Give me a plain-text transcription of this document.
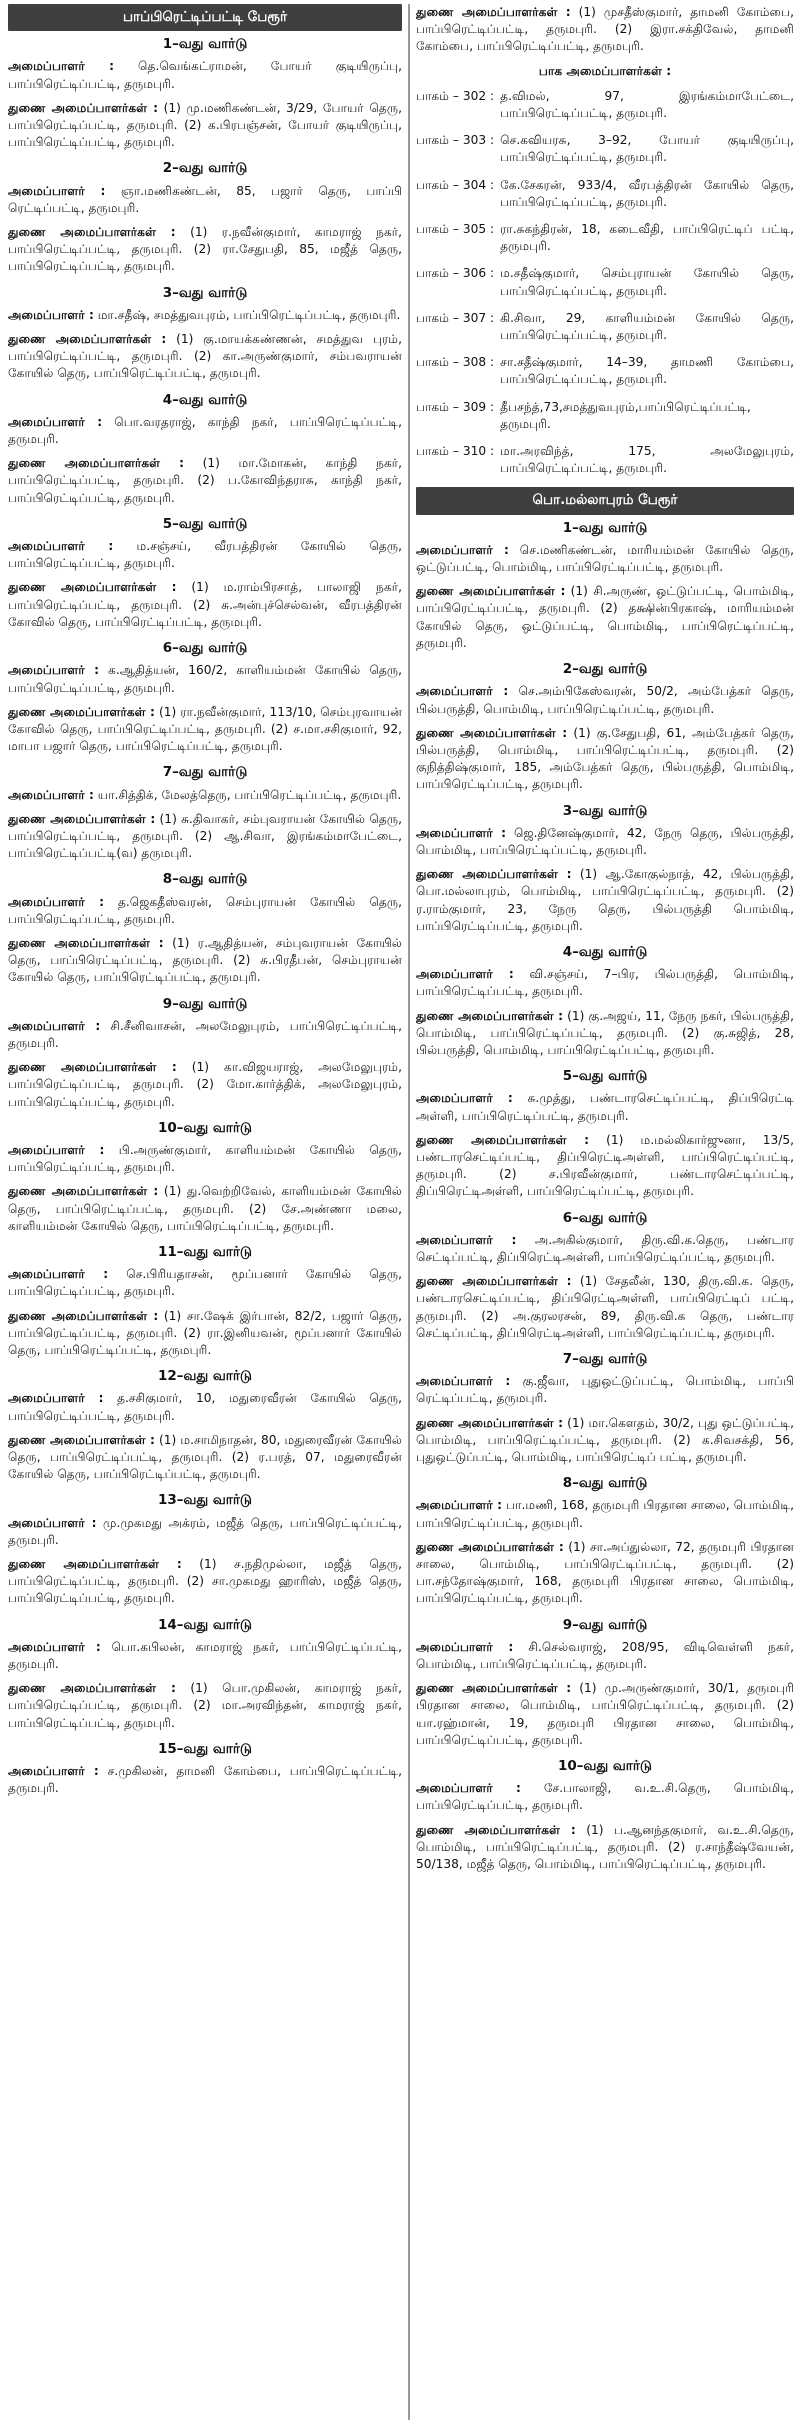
பாப்பிரெட்டிப்பட்டி பேரூர்
1–வது வார்டு

அமைப்பாளர் : தெ.வெங்கட்ராமன், போயர் குடியிருப்பு, பாப்பிரெட்டிப்பட்டி, தருமபுரி.

துணை அமைப்பாளர்கள் : (1) மு.மணிகண்டன், 3/29, போயர் தெரு, பாப்பிரெட்டிப்பட்டி, தருமபுரி. (2) க.பிரபஞ்சன், போயர் குடியிருப்பு, பாப்பிரெட்டிப்பட்டி, தருமபுரி.

2–வது வார்டு

அமைப்பாளர் : ஞா.மணிகண்டன், 85, பஜார் தெரு, பாப்பி ரெட்டிப்பட்டி, தருமபுரி.

துணை அமைப்பாளர்கள் : (1) ர.நவீன்குமார், காமராஜ் நகர், பாப்பிரெட்டிப்பட்டி, தருமபுரி. (2) ரா.சேதுபதி, 85, மஜீத் தெரு, பாப்பிரெட்டிப்பட்டி, தருமபுரி.

3–வது வார்டு

அமைப்பாளர் : மா.சதீஷ், சமத்துவபுரம், பாப்பிரெட்டிப்பட்டி, தருமபுரி.

துணை அமைப்பாளர்கள் : (1) கு.மாயக்கண்ணன், சமத்துவ புரம், பாப்பிரெட்டிப்பட்டி, தருமபுரி. (2) கா.அருண்குமார், சம்பவராயன் கோயில் தெரு, பாப்பிரெட்டிப்பட்டி, தருமபுரி.

4–வது வார்டு

அமைப்பாளர் : பொ.வரதராஜ், காந்தி நகர், பாப்பிரெட்டிப்பட்டி, தருமபுரி.

துணை அமைப்பாளர்கள் : (1) மா.மோகன், காந்தி நகர், பாப்பிரெட்டிப்பட்டி, தருமபுரி. (2) ப.கோவிந்தராசு, காந்தி நகர், பாப்பிரெட்டிப்பட்டி, தருமபுரி.

5–வது வார்டு

அமைப்பாளர் : ம.சஞ்சய், வீரபத்திரன் கோயில் தெரு, பாப்பிரெட்டிப்பட்டி, தருமபுரி.

துணை அமைப்பாளர்கள் : (1) ம.ராம்பிரசாத், பாலாஜி நகர், பாப்பிரெட்டிப்பட்டி, தருமபுரி. (2) சு.அன்புச்செல்வன், வீரபத்திரன் கோவில் தெரு, பாப்பிரெட்டிப்பட்டி, தருமபுரி.

6–வது வார்டு

அமைப்பாளர் : க.ஆதித்யன், 160/2, காளியம்மன் கோயில் தெரு, பாப்பிரெட்டிப்பட்டி, தருமபுரி.

துணை அமைப்பாளர்கள் : (1) ரா.நவீன்குமார், 113/10, செம்புரவாயன் கோவில் தெரு, பாப்பிரெட்டிப்பட்டி, தருமபுரி. (2) ச.மா.சசிகுமார், 92, மாபா பஜார் தெரு, பாப்பிரெட்டிப்பட்டி, தருமபுரி.

7–வது வார்டு

அமைப்பாளர் : யா.சித்திக், மேலத்தெரு, பாப்பிரெட்டிப்பட்டி, தருமபுரி.

துணை அமைப்பாளர்கள் : (1) சு.திவாகர், சம்புவராயன் கோயில் தெரு, பாப்பிரெட்டிப்பட்டி, தருமபுரி. (2) ஆ.சிவா, இரங்கம்மாபேட்டை, பாப்பிரெட்டிப்பட்டி(வ) தருமபுரி.

8–வது வார்டு

அமைப்பாளர் : த.ஜெகதீஸ்வரன், செம்புராயன் கோயில் தெரு, பாப்பிரெட்டிப்பட்டி, தருமபுரி.

துணை அமைப்பாளர்கள் : (1) ர.ஆதித்யன், சம்புவராயன் கோயில் தெரு, பாப்பிரெட்டிப்பட்டி, தருமபுரி. (2) சு.பிரதீபன், செம்புராயன் கோயில் தெரு, பாப்பிரெட்டிப்பட்டி, தருமபுரி.

9–வது வார்டு

அமைப்பாளர் : சி.சீனிவாசன், அலமேலுபுரம், பாப்பிரெட்டிப்பட்டி, தருமபுரி.

துணை அமைப்பாளர்கள் : (1) கா.விஜயராஜ், அலமேலுபுரம், பாப்பிரெட்டிப்பட்டி, தருமபுரி. (2) மோ.கார்த்திக், அலமேலுபுரம், பாப்பிரெட்டிப்பட்டி, தருமபுரி.

10–வது வார்டு

அமைப்பாளர் : பி.அருண்குமார், காளியம்மன் கோயில் தெரு, பாப்பிரெட்டிப்பட்டி, தருமபுரி.

துணை அமைப்பாளர்கள் : (1) து.வெற்றிவேல், காளியம்மன் கோயில் தெரு, பாப்பிரெட்டிப்பட்டி, தருமபுரி. (2) சே.அண்ணா மலை, காளியம்மன் கோயில் தெரு, பாப்பிரெட்டிப்பட்டி, தருமபுரி.

11–வது வார்டு

அமைப்பாளர் : செ.பிரியதாசன், மூப்பனார் கோயில் தெரு, பாப்பிரெட்டிப்பட்டி, தருமபுரி.

துணை அமைப்பாளர்கள் : (1) சா.ஷேக் இர்பான், 82/2, பஜார் தெரு, பாப்பிரெட்டிப்பட்டி, தருமபுரி. (2) ரா.இனியவன், மூப்பனார் கோயில் தெரு, பாப்பிரெட்டிப்பட்டி, தருமபுரி.

12–வது வார்டு

அமைப்பாளர் : த.சசிகுமார், 10, மதுரைவீரன் கோயில் தெரு, பாப்பிரெட்டிப்பட்டி, தருமபுரி.

துணை அமைப்பாளர்கள் : (1) ம.சாமிநாதன், 80, மதுரைவீரன் கோயில் தெரு, பாப்பிரெட்டிப்பட்டி, தருமபுரி. (2) ர.பரத், 07, மதுரைவீரன் கோயில் தெரு, பாப்பிரெட்டிப்பட்டி, தருமபுரி.

13–வது வார்டு

அமைப்பாளர் : மு.முகமது அக்ரம், மஜீத் தெரு, பாப்பிரெட்டிப்பட்டி, தருமபுரி.

துணை அமைப்பாளர்கள் : (1) ச.நதிமுல்லா, மஜீத் தெரு, பாப்பிரெட்டிப்பட்டி, தருமபுரி. (2) சா.முகமது ஹாரிஸ், மஜீத் தெரு, பாப்பிரெட்டிப்பட்டி, தருமபுரி.

14–வது வார்டு

அமைப்பாளர் : பொ.கபிலன், காமராஜ் நகர், பாப்பிரெட்டிப்பட்டி, தருமபுரி.

துணை அமைப்பாளர்கள் : (1) பொ.முகிலன், காமராஜ் நகர், பாப்பிரெட்டிப்பட்டி, தருமபுரி. (2) மா.அரவிந்தன், காமராஜ் நகர், பாப்பிரெட்டிப்பட்டி, தருமபுரி.

15–வது வார்டு

அமைப்பாளர் : ச.முகிலன், தாமனி கோம்பை, பாப்பிரெட்டிப்பட்டி, தருமபுரி.

துணை அமைப்பாளர்கள் : (1) முசதீஸ்குமார், தாமனி கோம்பை, பாப்பிரெட்டிப்பட்டி, தருமபுரி. (2) இரா.சக்திவேல், தாமனி கோம்பை, பாப்பிரெட்டிப்பட்டி, தருமபுரி.

பாக அமைப்பாளர்கள் :
பாகம் – 302 : த.விமல், 97, இரங்கம்மாபேட்டை, பாப்பிரெட்டிப்பட்டி, தருமபுரி.
பாகம் – 303 : செ.கவியரசு, 3–92, போயர் குடியிருப்பு, பாப்பிரெட்டிப்பட்டி, தருமபுரி.
பாகம் – 304 : கே.சேகரன், 933/4, வீரபத்திரன் கோயில் தெரு, பாப்பிரெட்டிப்பட்டி, தருமபுரி.
பாகம் – 305 : ரா.சுகந்திரன், 18, கடைவீதி, பாப்பிரெட்டிப் பட்டி, தருமபுரி.
பாகம் – 306 : ம.சதீஷ்குமார், செம்புராயன் கோயில் தெரு, பாப்பிரெட்டிப்பட்டி, தருமபுரி.
பாகம் – 307 : கி.சிவா, 29, காளியம்மன் கோயில் தெரு, பாப்பிரெட்டிப்பட்டி, தருமபுரி.
பாகம் – 308 : சா.சதீஷ்குமார், 14–39, தாமணி கோம்பை, பாப்பிரெட்டிப்பட்டி, தருமபுரி.
பாகம் – 309 : தீபசந்த்,73,சமத்துவபுரம்,பாப்பிரெட்டிப்பட்டி, தருமபுரி.
பாகம் – 310 : மா.அரவிந்த், 175, அலமேலுபுரம், பாப்பிரெட்டிப்பட்டி, தருமபுரி.
பொ.மல்லாபுரம் பேரூர்
1–வது வார்டு

அமைப்பாளர் : செ.மணிகண்டன், மாரியம்மன் கோயில் தெரு, ஒட்டுப்பட்டி, பொம்மிடி, பாப்பிரெட்டிப்பட்டி, தருமபுரி.

துணை அமைப்பாளர்கள் : (1) சி.அருண், ஒட்டுப்பட்டி, பொம்மிடி, பாப்பிரெட்டிப்பட்டி, தருமபுரி. (2) தக்ஷின்பிரகாஷ், மாரியம்மன் கோயில் தெரு, ஒட்டுப்பட்டி, பொம்மிடி, பாப்பிரெட்டிப்பட்டி, தருமபுரி.

2–வது வார்டு

அமைப்பாளர் : செ.அம்பிகேஸ்வரன், 50/2, அம்பேத்கர் தெரு, பில்பருத்தி, பொம்மிடி, பாப்பிரெட்டிப்பட்டி, தருமபுரி.

துணை அமைப்பாளர்கள் : (1) கு.சேதுபதி, 61, அம்பேத்கர் தெரு, பில்பருத்தி, பொம்மிடி, பாப்பிரெட்டிப்பட்டி, தருமபுரி. (2) குநித்திஷ்குமார், 185, அம்பேத்கர் தெரு, பில்பருத்தி, பொம்மிடி, பாப்பிரெட்டிப்பட்டி, தருமபுரி.

3–வது வார்டு

அமைப்பாளர் : ஜெ.தினேஷ்குமார், 42, நேரு தெரு, பில்பருத்தி, பொம்மிடி, பாப்பிரெட்டிப்பட்டி, தருமபுரி.

துணை அமைப்பாளர்கள் : (1) ஆ.கோகுல்நாத், 42, பில்பருத்தி, பொ.மல்லாபுரம், பொம்மிடி, பாப்பிரெட்டிப்பட்டி, தருமபுரி. (2) ர.ராம்குமார், 23, நேரு தெரு, பில்பருத்தி பொம்மிடி, பாப்பிரெட்டிப்பட்டி, தருமபுரி.

4–வது வார்டு

அமைப்பாளர் : வி.சஞ்சய், 7–பிர, பில்பருத்தி, பொம்மிடி, பாப்பிரெட்டிப்பட்டி, தருமபுரி.

துணை அமைப்பாளர்கள் : (1) கு.அஜய், 11, நேரு நகர், பில்பருத்தி, பொம்மிடி, பாப்பிரெட்டிப்பட்டி, தருமபுரி. (2) கு.சுஜித், 28, பில்பருத்தி, பொம்மிடி, பாப்பிரெட்டிப்பட்டி, தருமபுரி.

5–வது வார்டு

அமைப்பாளர் : சு.முத்து, பண்டாரசெட்டிப்பட்டி, திப்பிரெட்டி அள்ளி, பாப்பிரெட்டிப்பட்டி, தருமபுரி.

துணை அமைப்பாளர்கள் : (1) ம.மல்லிகார்ஜுனா, 13/5, பண்டாரசெட்டிப்பட்டி, திப்பிரெட்டிஅள்ளி, பாப்பிரெட்டிப்பட்டி, தருமபுரி. (2) ச.பிரவீன்குமார், பண்டாரசெட்டிப்பட்டி, திப்பிரெட்டிஅள்ளி, பாப்பிரெட்டிப்பட்டி, தருமபுரி.

6–வது வார்டு

அமைப்பாளர் : அ.அகில்குமார், திரு.வி.க.தெரு, பண்டார செட்டிப்பட்டி, திப்பிரெட்டிஅள்ளி, பாப்பிரெட்டிப்பட்டி, தருமபுரி.

துணை அமைப்பாளர்கள் : (1) சேதலீன், 130, திரு.வி.க. தெரு, பண்டாரசெட்டிப்பட்டி, திப்பிரெட்டிஅள்ளி, பாப்பிரெட்டிப் பட்டி, தருமபுரி. (2) அ.குரலரசன், 89, திரு.வி.க தெரு, பண்டார செட்டிப்பட்டி, திப்பிரெட்டிஅள்ளி, பாப்பிரெட்டிப்பட்டி, தருமபுரி.

7–வது வார்டு

அமைப்பாளர் : கு.ஜீவா, புதுஒட்டுப்பட்டி, பொம்மிடி, பாப்பி ரெட்டிப்பட்டி, தருமபுரி.

துணை அமைப்பாளர்கள் : (1) மா.கௌதம், 30/2, புது ஒட்டுப்பட்டி, பொம்மிடி, பாப்பிரெட்டிப்பட்டி, தருமபுரி. (2) க.சிவசக்தி, 56, புதுஒட்டுப்பட்டி, பொம்மிடி, பாப்பிரெட்டிப் பட்டி, தருமபுரி.

8–வது வார்டு

அமைப்பாளர் : பா.மணி, 168, தருமபுரி பிரதான சாலை, பொம்மிடி, பாப்பிரெட்டிப்பட்டி, தருமபுரி.

துணை அமைப்பாளர்கள் : (1) சா.அப்துல்லா, 72, தருமபுரி பிரதான சாலை, பொம்மிடி, பாப்பிரெட்டிப்பட்டி, தருமபுரி. (2) பா.சந்தோஷ்குமார், 168, தருமபுரி பிரதான சாலை, பொம்மிடி, பாப்பிரெட்டிப்பட்டி, தருமபுரி.

9–வது வார்டு

அமைப்பாளர் : சி.செல்வராஜ், 208/95, விடிவெள்ளி நகர், பொம்மிடி, பாப்பிரெட்டிப்பட்டி, தருமபுரி.

துணை அமைப்பாளர்கள் : (1) மு.அருண்குமார், 30/1, தருமபுரி பிரதான சாலை, பொம்மிடி, பாப்பிரெட்டிப்பட்டி, தருமபுரி. (2) யா.ரஹ்மான், 19, தருமபுரி பிரதான சாலை, பொம்மிடி, பாப்பிரெட்டிப்பட்டி, தருமபுரி.

10–வது வார்டு

அமைப்பாளர் : சே.பாலாஜி, வ.உ.சி.தெரு, பொம்மிடி, பாப்பிரெட்டிப்பட்டி, தருமபுரி.

துணை அமைப்பாளர்கள் : (1) ப.ஆனந்தகுமார், வ.உ.சி.தெரு, பொம்மிடி, பாப்பிரெட்டிப்பட்டி, தருமபுரி. (2) ர.சாந்தீஷ்வேயன், 50/138, மஜீத் தெரு, பொம்மிடி, பாப்பிரெட்டிப்பட்டி, தருமபுரி.
